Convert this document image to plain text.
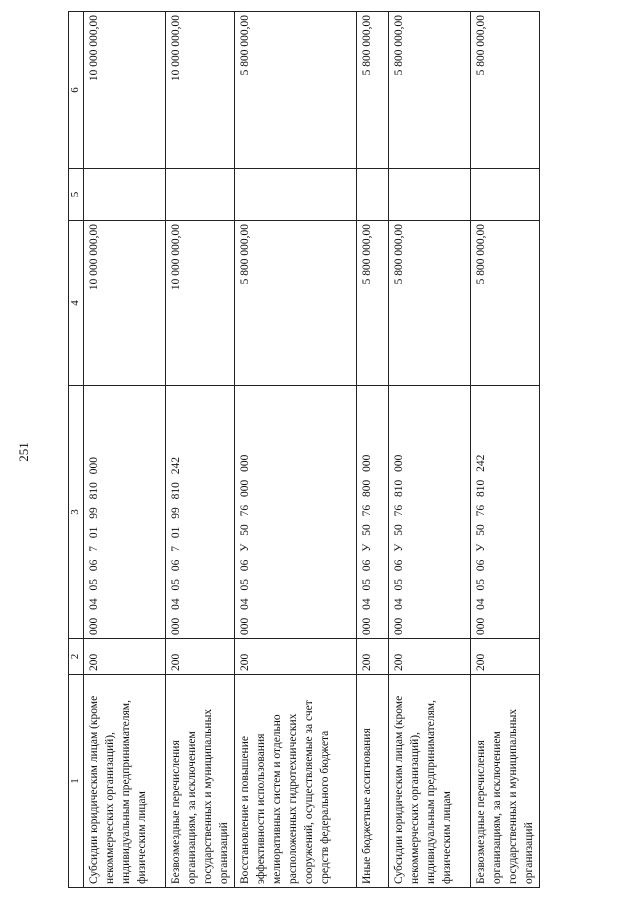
251
1	2	3	4	5	6
Субсидии юридическим лицам (кроме некоммерческих организаций), индивидуальным предпринимателям, физическим лицам	200	000 04 05 06 7 01 99 810 000	10 000 000,00		10 000 000,00
Безвозмездные перечисления организациям, за исключением государственных и муниципальных организаций	200	000 04 05 06 7 01 99 810 242	10 000 000,00		10 000 000,00
Восстановление и повышение эффективности использования мелиоративных систем и отдельно расположенных гидротехнических сооружений, осуществляемые за счет средств федерального бюджета	200	000 04 05 06 У 50 76 000 000	5 800 000,00		5 800 000,00
Иные бюджетные ассигнования	200	000 04 05 06 У 50 76 800 000	5 800 000,00		5 800 000,00
Субсидии юридическим лицам (кроме некоммерческих организаций), индивидуальным предпринимателям, физическим лицам	200	000 04 05 06 У 50 76 810 000	5 800 000,00		5 800 000,00
Безвозмездные перечисления организациям, за исключением государственных и муниципальных организаций	200	000 04 05 06 У 50 76 810 242	5 800 000,00		5 800 000,00
